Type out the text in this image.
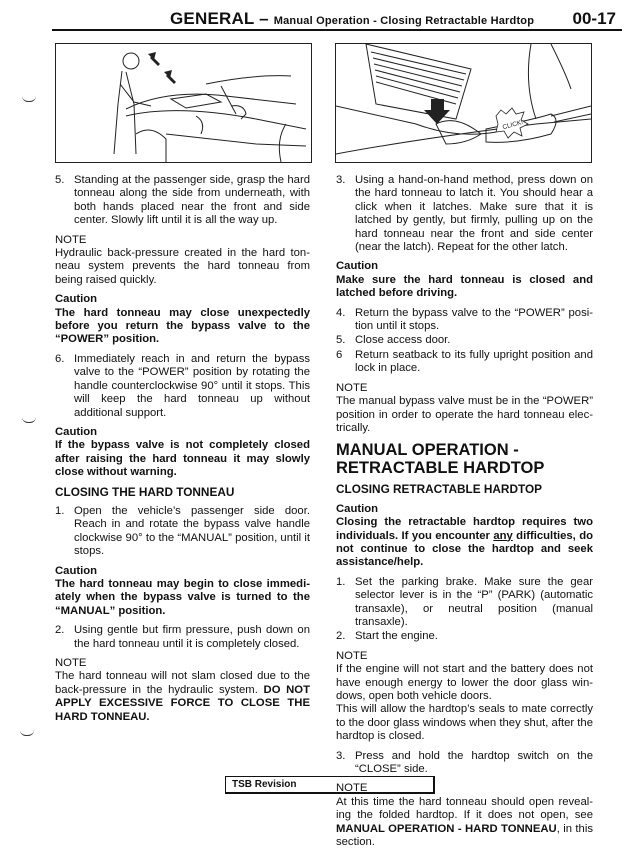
GENERAL – Manual Operation - Closing Retractable Hardtop 00-17
CLICK!
5. Standing at the passenger side, grasp the hard tonneau along the side from underneath, with both hands placed near the front and side center. Slowly lift until it is all the way up.

NOTE

Hydraulic back-pressure created in the hard tonneau system prevents the hard tonneau from being raised quickly.

Caution

The hard tonneau may close unexpectedly before you return the bypass valve to the “POWER” position.

6. Immediately reach in and return the bypass valve to the “POWER” position by rotating the handle counterclockwise 90° until it stops. This will keep the hard tonneau up without additional support.

Caution

If the bypass valve is not completely closed after raising the hard tonneau it may slowly close without warning.

CLOSING THE HARD TONNEAU
1. Open the vehicle’s passenger side door. Reach in and rotate the bypass valve handle clockwise 90° to the “MANUAL” position, until it stops.

Caution

The hard tonneau may begin to close immediately when the bypass valve is turned to the “MANUAL” position.

2. Using gentle but firm pressure, push down on the hard tonneau until it is completely closed.

NOTE

The hard tonneau will not slam closed due to the back-pressure in the hydraulic system. DO NOT APPLY EXCESSIVE FORCE TO CLOSE THE HARD TONNEAU.

3. Using a hand-on-hand method, press down on the hard tonneau to latch it. You should hear a click when it latches. Make sure that it is latched by gently, but firmly, pulling up on the hard tonneau near the front and side center (near the latch). Repeat for the other latch.

Caution

Make sure the hard tonneau is closed and latched before driving.

4. Return the bypass valve to the “POWER” position until it stops.
5. Close access door.
6	Return seatback to its fully upright position and lock in place.

NOTE

The manual bypass valve must be in the “POWER” position in order to operate the hard tonneau electrically.

MANUAL OPERATION - RETRACTABLE HARDTOP
CLOSING RETRACTABLE HARDTOP

Caution

Closing the retractable hardtop requires two individuals. If you encounter any difficulties, do not continue to close the hardtop and seek assistance/help.

1. Set the parking brake. Make sure the gear selector lever is in the “P” (PARK) (automatic transaxle), or neutral position (manual transaxle).
2. Start the engine.

NOTE

If the engine will not start and the battery does not have enough energy to lower the door glass windows, open both vehicle doors.

This will allow the hardtop’s seals to mate correctly to the door glass windows when they shut, after the hardtop is closed.

3. Press and hold the hardtop switch on the “CLOSE” side.

NOTE

At this time the hard tonneau should open revealing the folded hardtop. If it does not open, see MANUAL OPERATION - HARD TONNEAU, in this section.

TSB Revision
